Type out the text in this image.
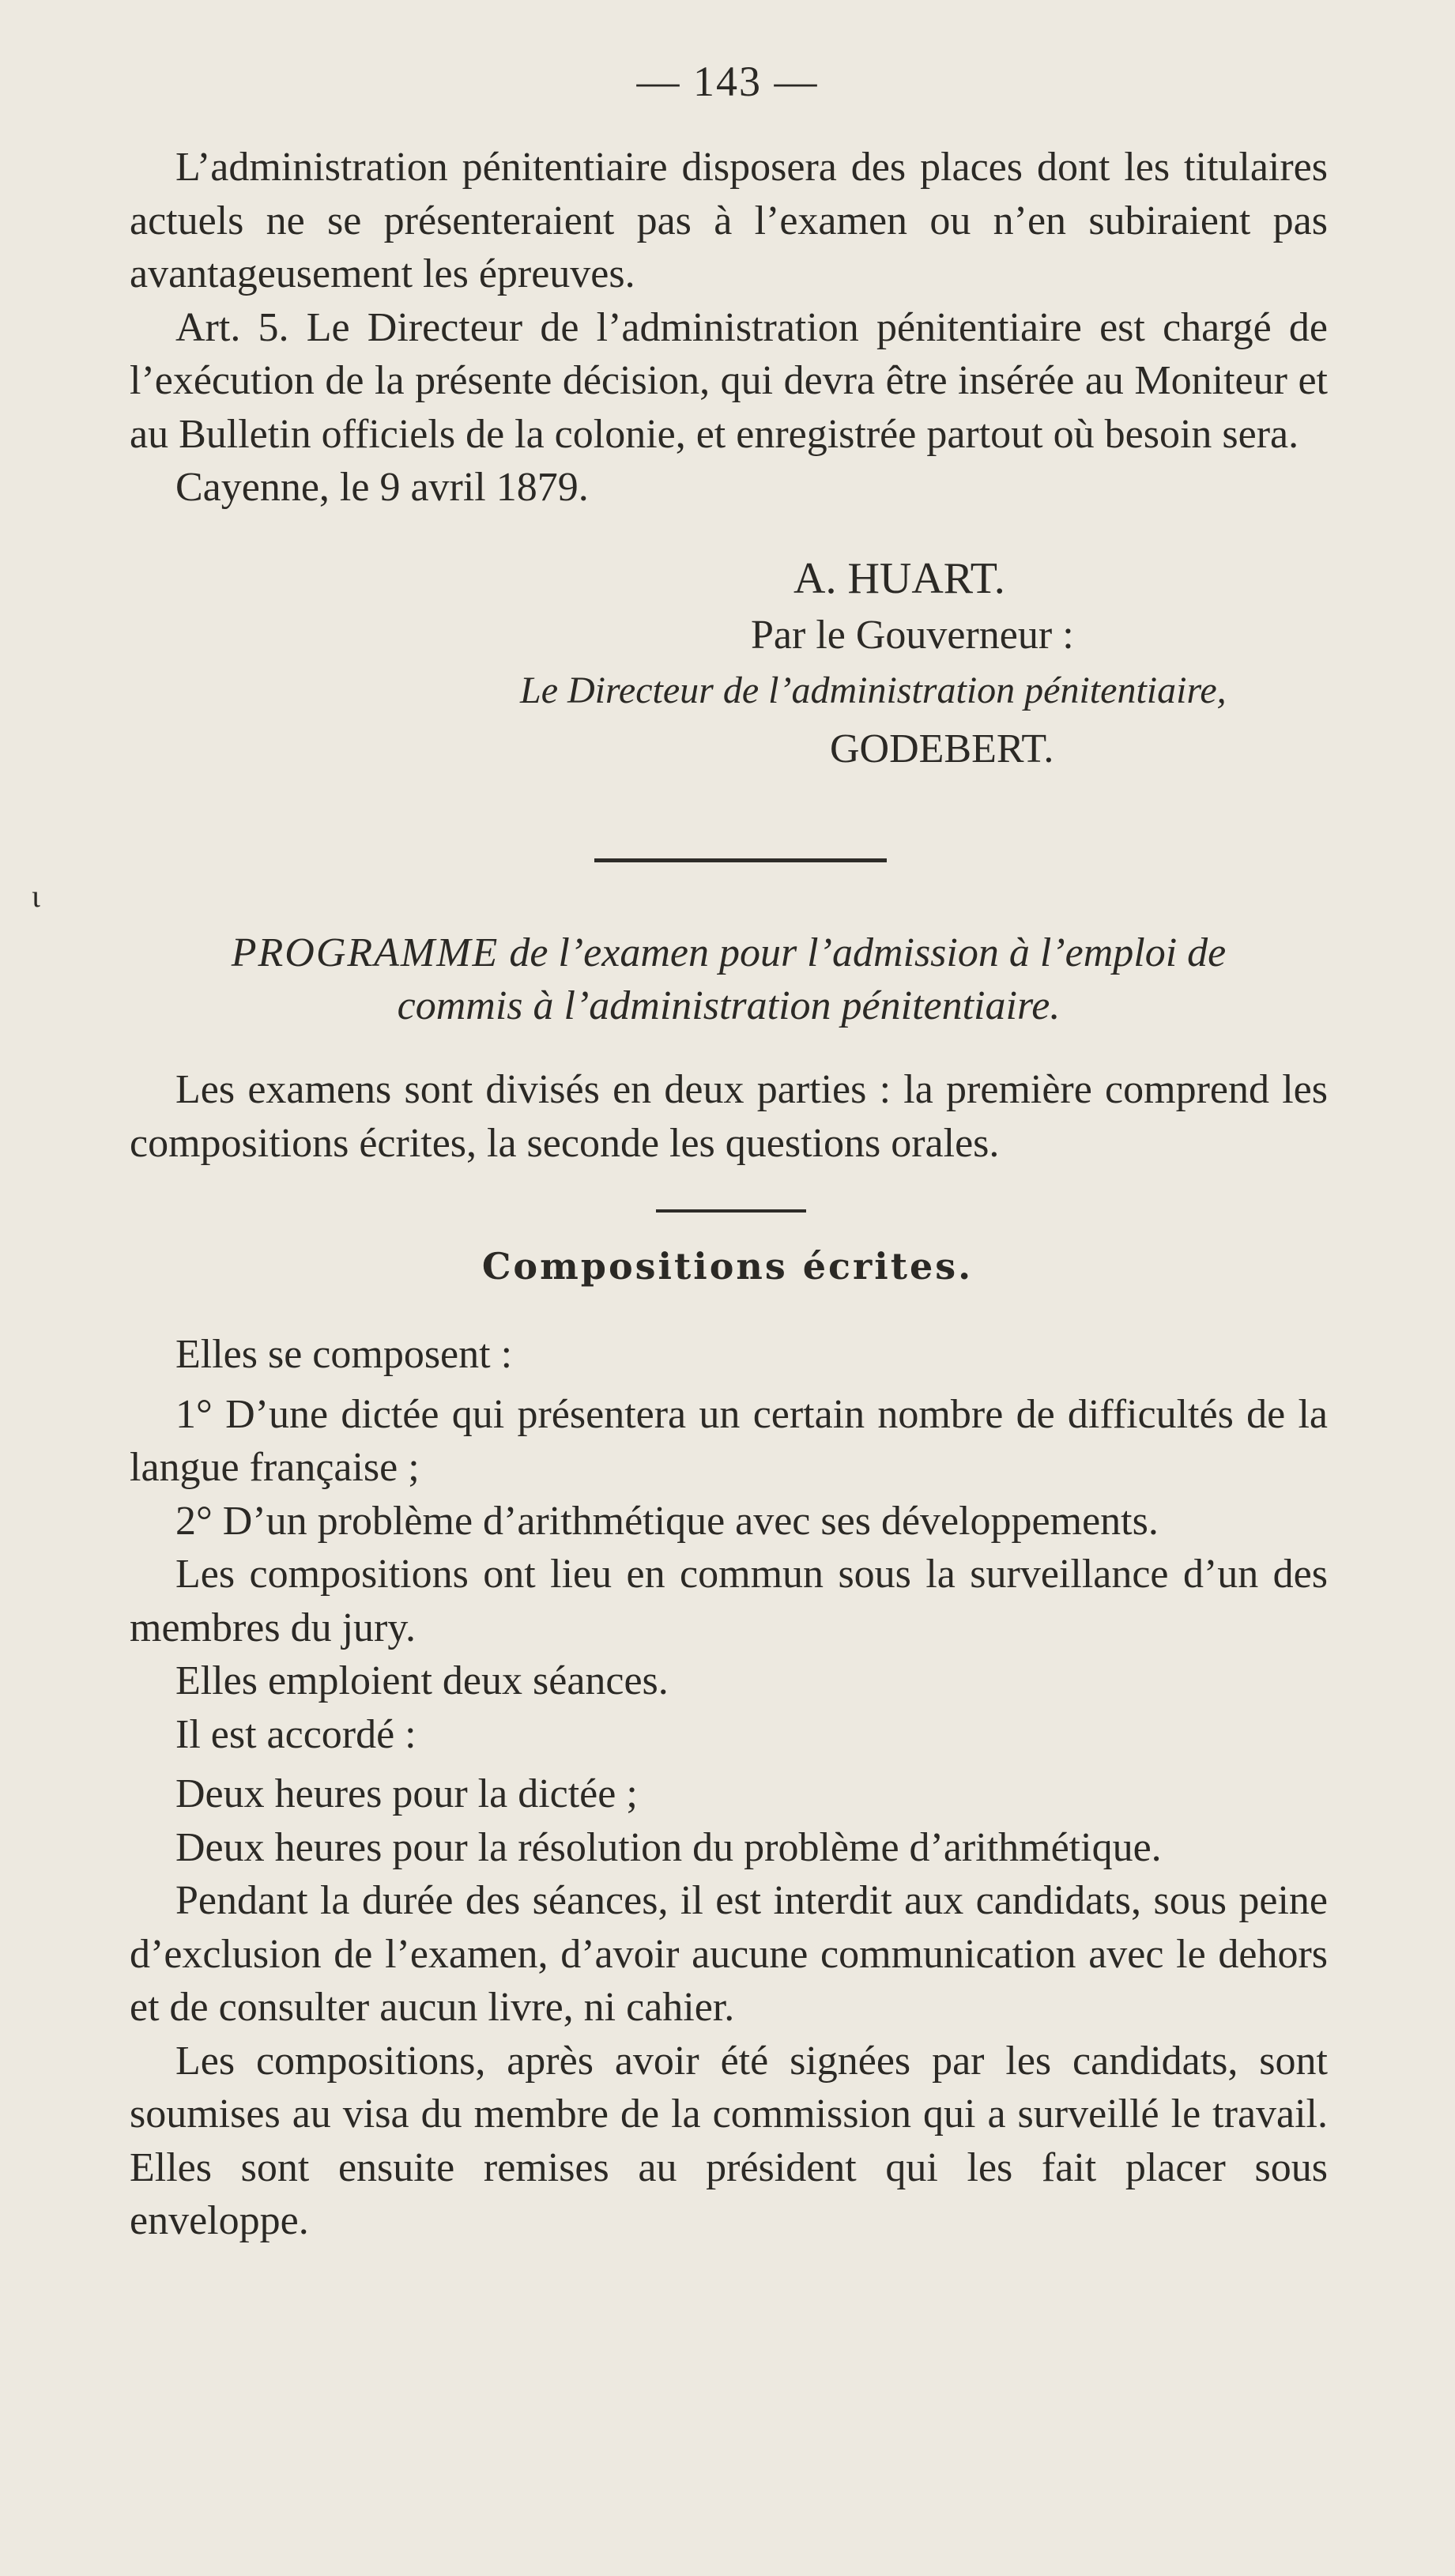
— 143 —

L’administration pénitentiaire disposera des places dont les titulaires actuels ne se présenteraient pas à l’examen ou n’en subiraient pas avantageusement les épreuves.

Art. 5. Le Directeur de l’administration pénitentiaire est chargé de l’exécution de la présente décision, qui devra être insérée au Moniteur et au Bulletin officiels de la colonie, et enregistrée partout où besoin sera.

Cayenne, le 9 avril 1879.

A. HUART.
Par le Gouverneur :
Le Directeur de l’administration pénitentiaire,
GODEBERT.
ɩ
PROGRAMME de l’examen pour l’admission à l’emploi de
commis à l’administration pénitentiaire.

Les examens sont divisés en deux parties : la première comprend les compositions écrites, la seconde les questions orales.

Compositions écrites.

Elles se composent :

1° D’une dictée qui présentera un certain nombre de difficultés de la langue française ;

2° D’un problème d’arithmétique avec ses développements.

Les compositions ont lieu en commun sous la surveillance d’un des membres du jury.

Elles emploient deux séances.

Il est accordé :

Deux heures pour la dictée ;

Deux heures pour la résolution du problème d’arithmétique.

Pendant la durée des séances, il est interdit aux candidats, sous peine d’exclusion de l’examen, d’avoir aucune communication avec le dehors et de consulter aucun livre, ni cahier.

Les compositions, après avoir été signées par les candidats, sont soumises au visa du membre de la commission qui a surveillé le travail. Elles sont ensuite remises au président qui les fait placer sous enveloppe.
